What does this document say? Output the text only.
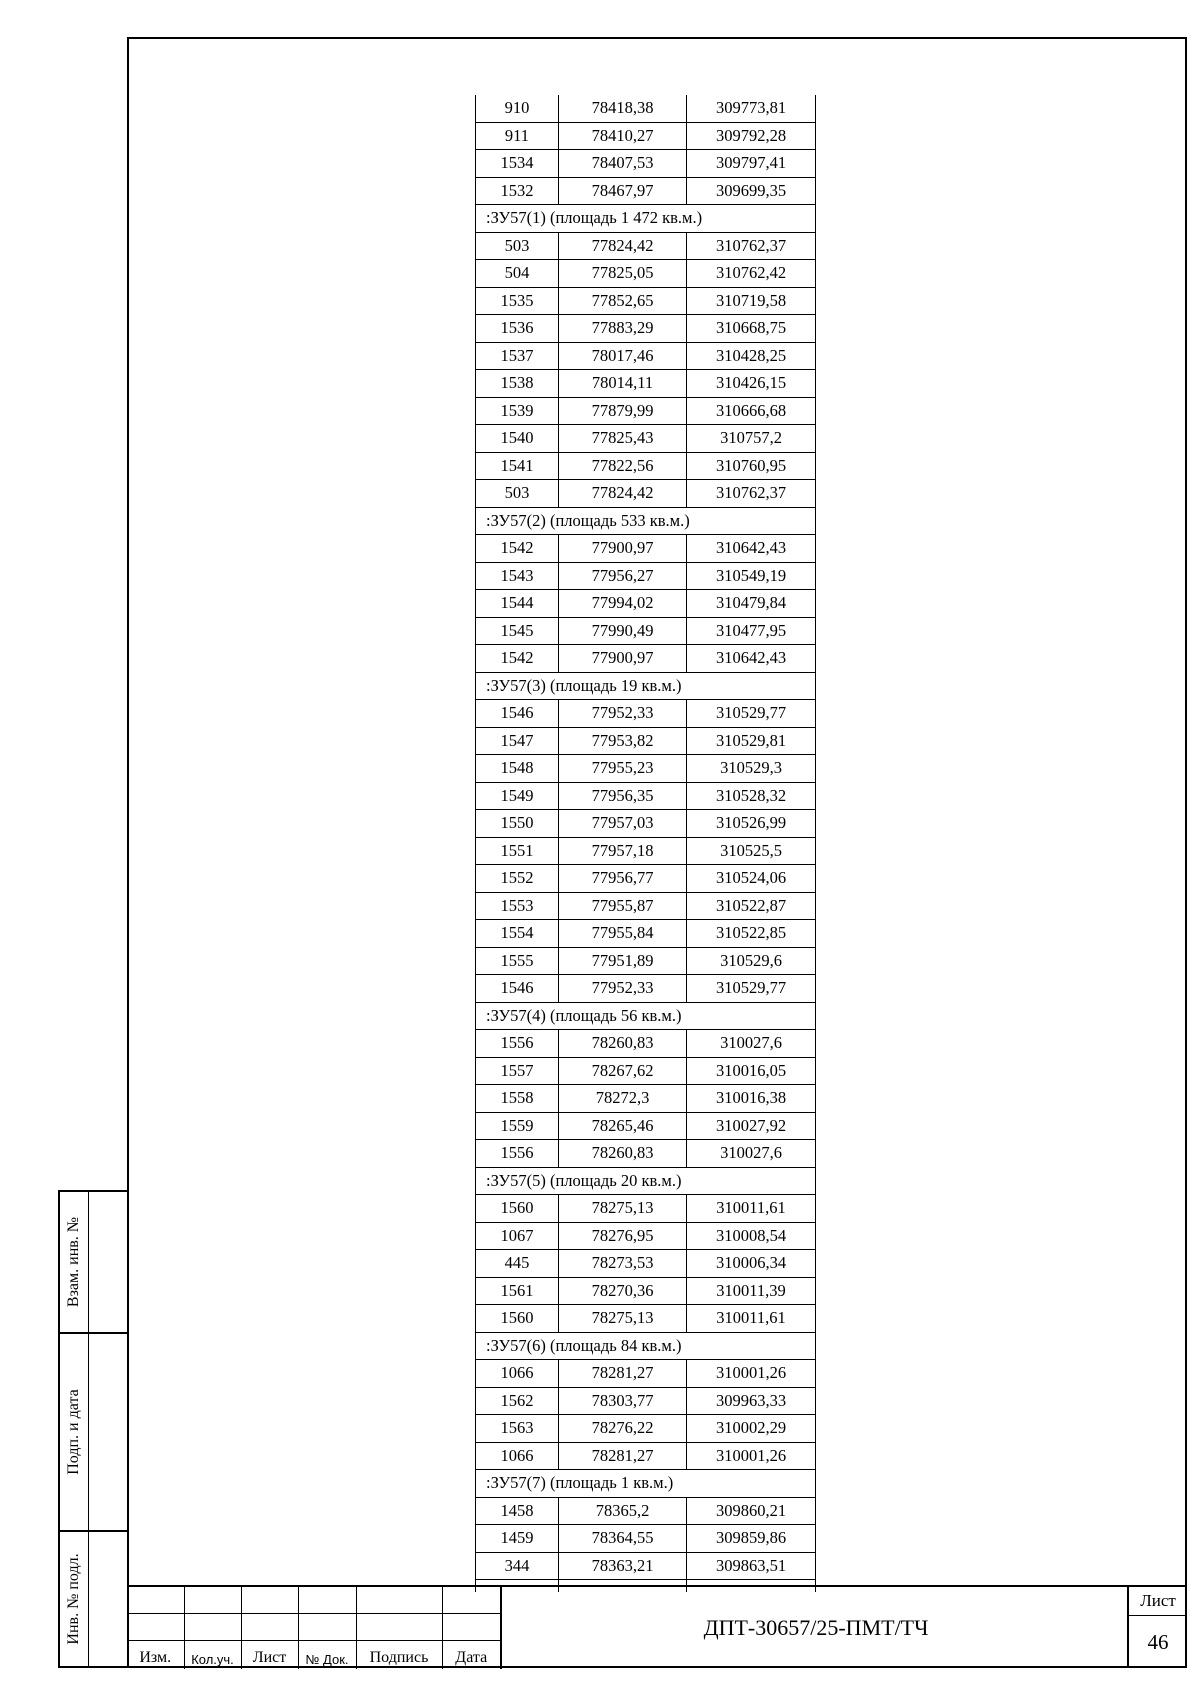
910	78418,38	309773,81
911	78410,27	309792,28
1534	78407,53	309797,41
1532	78467,97	309699,35
:ЗУ57(1) (площадь 1 472 кв.м.)		
503	77824,42	310762,37
504	77825,05	310762,42
1535	77852,65	310719,58
1536	77883,29	310668,75
1537	78017,46	310428,25
1538	78014,11	310426,15
1539	77879,99	310666,68
1540	77825,43	310757,2
1541	77822,56	310760,95
503	77824,42	310762,37
:ЗУ57(2) (площадь 533 кв.м.)		
1542	77900,97	310642,43
1543	77956,27	310549,19
1544	77994,02	310479,84
1545	77990,49	310477,95
1542	77900,97	310642,43
:ЗУ57(3) (площадь 19 кв.м.)		
1546	77952,33	310529,77
1547	77953,82	310529,81
1548	77955,23	310529,3
1549	77956,35	310528,32
1550	77957,03	310526,99
1551	77957,18	310525,5
1552	77956,77	310524,06
1553	77955,87	310522,87
1554	77955,84	310522,85
1555	77951,89	310529,6
1546	77952,33	310529,77
:ЗУ57(4) (площадь 56 кв.м.)		
1556	78260,83	310027,6
1557	78267,62	310016,05
1558	78272,3	310016,38
1559	78265,46	310027,92
1556	78260,83	310027,6
:ЗУ57(5) (площадь 20 кв.м.)		
1560	78275,13	310011,61
1067	78276,95	310008,54
445	78273,53	310006,34
1561	78270,36	310011,39
1560	78275,13	310011,61
:ЗУ57(6) (площадь 84 кв.м.)		
1066	78281,27	310001,26
1562	78303,77	309963,33
1563	78276,22	310002,29
1066	78281,27	310001,26
:ЗУ57(7) (площадь 1 кв.м.)		
1458	78365,2	309860,21
1459	78364,55	309859,86
344	78363,21	309863,51

Взам. инв. №
Подп. и дата
Инв. № подл.

Изм.	Кол.уч.	Лист	№ Док.	Подпись	Дата
ДПТ-30657/25-ПМТ/ТЧ
Лист
46
